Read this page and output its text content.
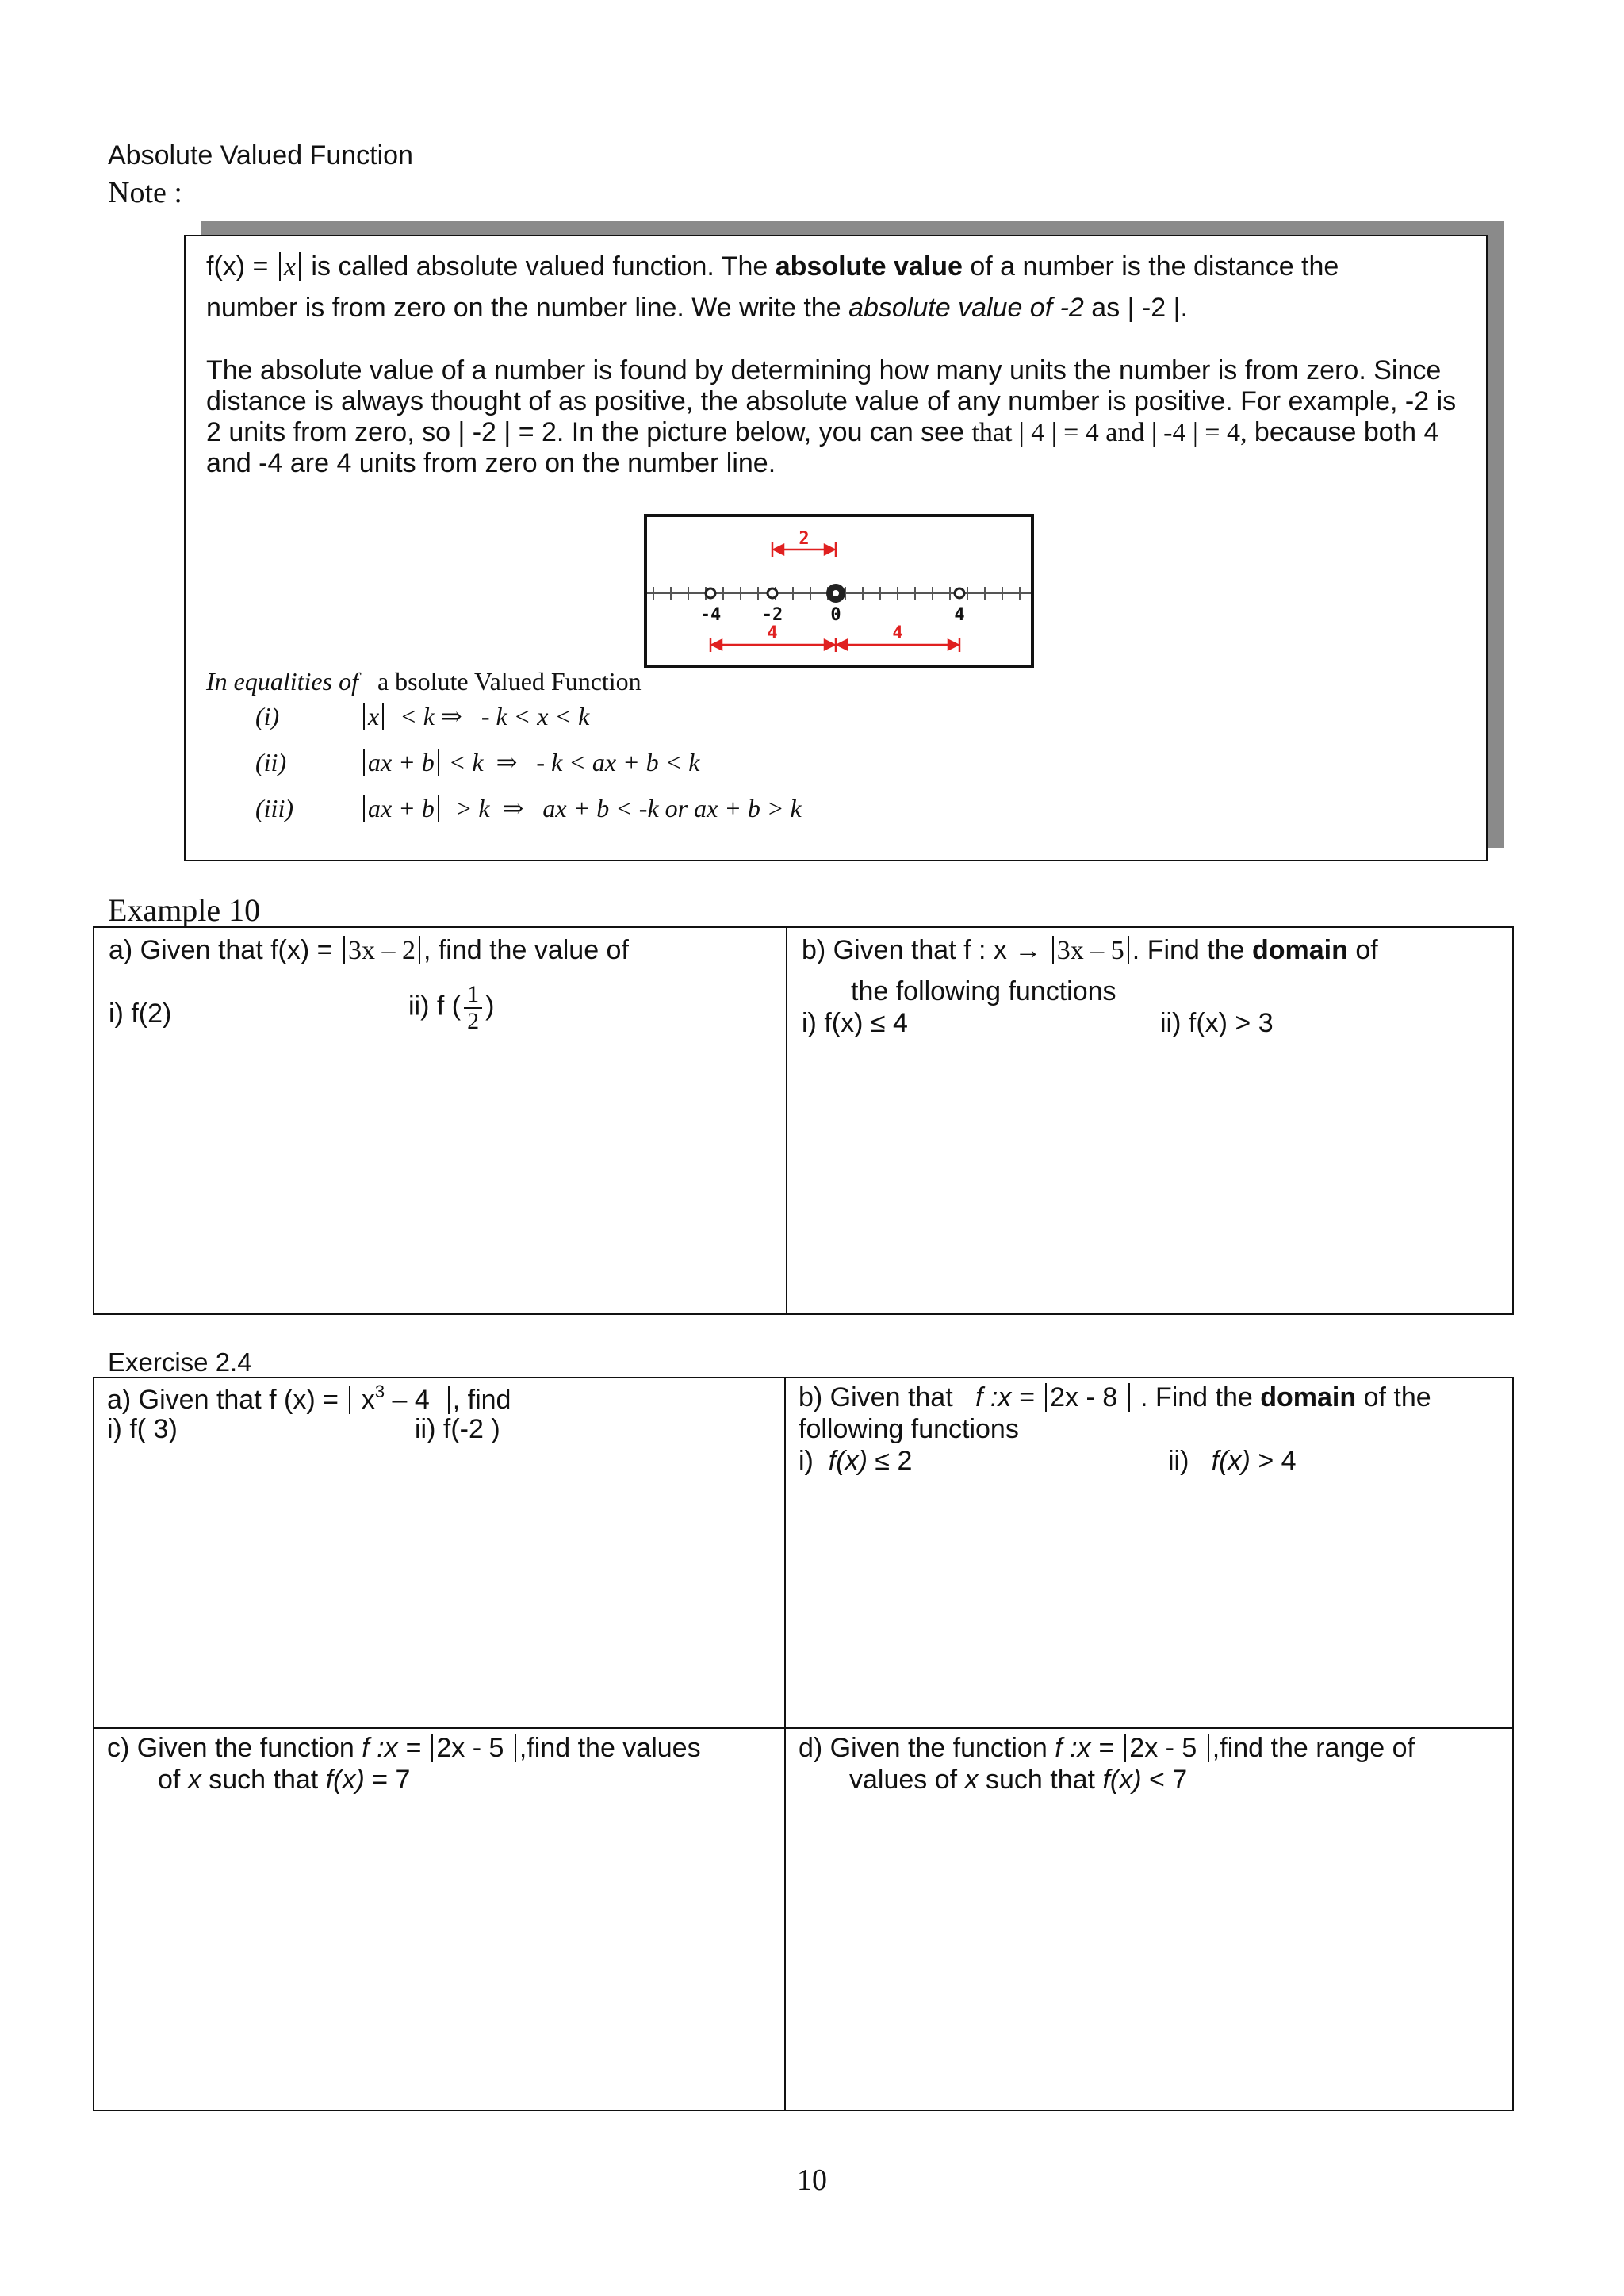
Absolute Valued Function
Note :
f(x) = x is called absolute valued function. The absolute value of a number is the distance the
number is from zero on the number line. We write the absolute value of -2 as | -2 |.
The absolute value of a number is found by determining how many units the number is from zero. Since distance is always thought of as positive, the absolute value of any number is positive. For example, -2 is 2 units from zero, so | -2 | = 2. In the picture below, you can see that | 4 | = 4 and | -4 | = 4, because both 4 and -4 are 4 units from zero on the number line.
-4 -2	0	4
2
4	4
In equalities of a bsolute Valued Function
(i)	x < k ⇒ - k < x < k
(ii)	ax + b < k ⇒ - k < ax + b < k
(iii)	ax + b > k ⇒ ax + b < -k or ax + b > k
Example 10
a) Given that f(x) = 3x – 2 , find the value of
i) f(2)	ii) f ( $\frac{1}{2}$ )
b) Given that f : x → 3x – 5 . Find the domain of
the following functions
i) f(x) ≤ 4	ii) f(x) > 3
Exercise 2.4
a) Given that f $(x) = x^3 - 4$ , find
i) f( 3)	ii) f(-2 )
b) Given that f :x = 2x - 8 . Find the domain of the
following functions
i) f(x) ≤ 2	ii) f(x) > 4
c) Given the function f :x = 2x - 5 ,find the values
of x such that f(x) = 7
d) Given the function f :x = 2x - 5 ,find the range of
values of x such that f(x) < 7
10
